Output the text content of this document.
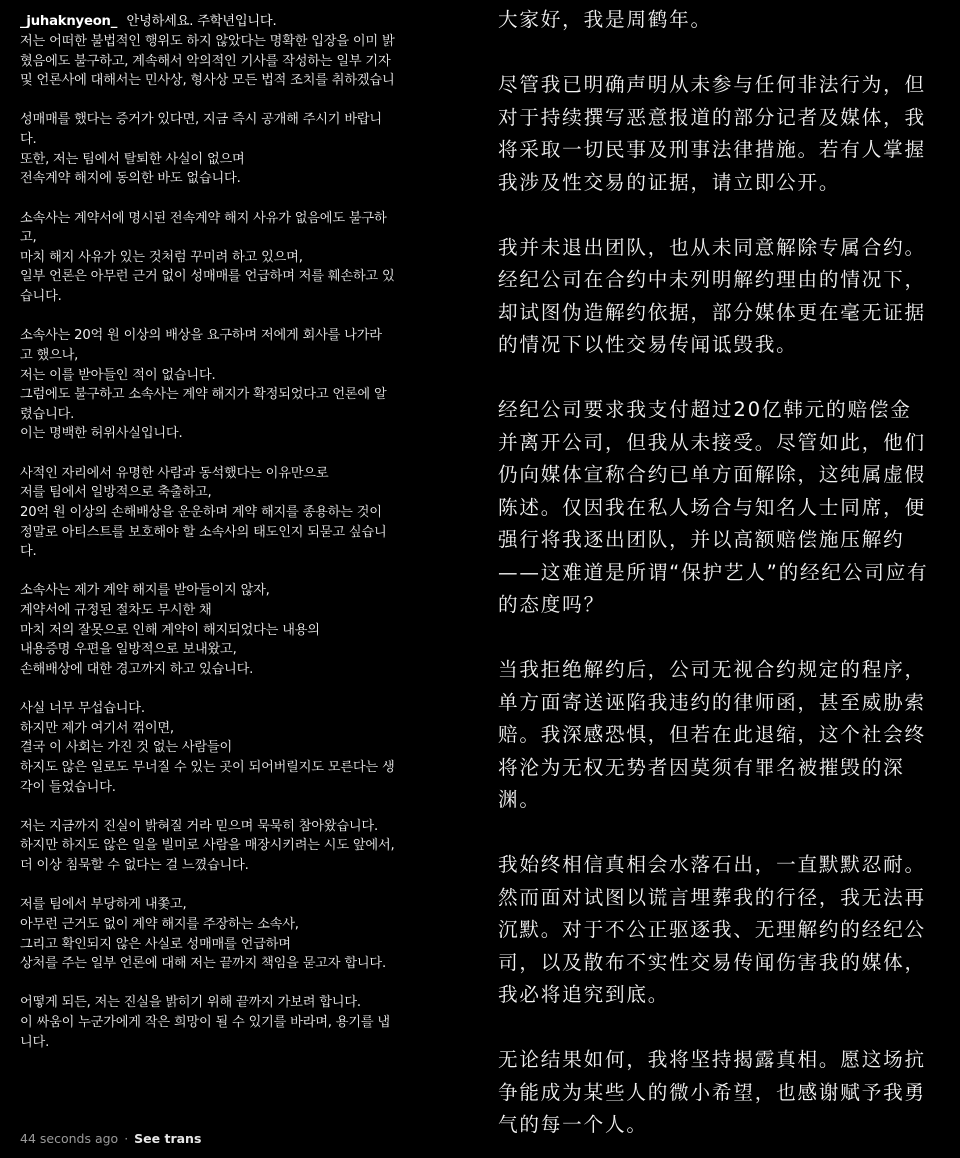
_juhaknyeon_ 안녕하세요. 주학년입니다.
저는 어떠한 불법적인 행위도 하지 않았다는 명확한 입장을 이미 밝
혔음에도 불구하고, 계속해서 악의적인 기사를 작성하는 일부 기자
및 언론사에 대해서는 민사상, 형사상 모든 법적 조치를 취하겠습니
성매매를 했다는 증거가 있다면, 지금 즉시 공개해 주시기 바랍니
다.
또한, 저는 팀에서 탈퇴한 사실이 없으며
전속계약 해지에 동의한 바도 없습니다.
소속사는 계약서에 명시된 전속계약 해지 사유가 없음에도 불구하
고,
마치 해지 사유가 있는 것처럼 꾸미려 하고 있으며,
일부 언론은 아무런 근거 없이 성매매를 언급하며 저를 훼손하고 있
습니다.
소속사는 20억 원 이상의 배상을 요구하며 저에게 회사를 나가라
고 했으나,
저는 이를 받아들인 적이 없습니다.
그럼에도 불구하고 소속사는 계약 해지가 확정되었다고 언론에 알
렸습니다.
이는 명백한 허위사실입니다.
사적인 자리에서 유명한 사람과 동석했다는 이유만으로
저를 팀에서 일방적으로 축출하고,
20억 원 이상의 손해배상을 운운하며 계약 해지를 종용하는 것이
정말로 아티스트를 보호해야 할 소속사의 태도인지 되묻고 싶습니
다.
소속사는 제가 계약 해지를 받아들이지 않자,
계약서에 규정된 절차도 무시한 채
마치 저의 잘못으로 인해 계약이 해지되었다는 내용의
내용증명 우편을 일방적으로 보내왔고,
손해배상에 대한 경고까지 하고 있습니다.
사실 너무 무섭습니다.
하지만 제가 여기서 꺾이면,
결국 이 사회는 가진 것 없는 사람들이
하지도 않은 일로도 무너질 수 있는 곳이 되어버릴지도 모른다는 생
각이 들었습니다.
저는 지금까지 진실이 밝혀질 거라 믿으며 묵묵히 참아왔습니다.
하지만 하지도 않은 일을 빌미로 사람을 매장시키려는 시도 앞에서,
더 이상 침묵할 수 없다는 걸 느꼈습니다.
저를 팀에서 부당하게 내쫓고,
아무런 근거도 없이 계약 해지를 주장하는 소속사,
그리고 확인되지 않은 사실로 성매매를 언급하며
상처를 주는 일부 언론에 대해 저는 끝까지 책임을 묻고자 합니다.
어떻게 되든, 저는 진실을 밝히기 위해 끝까지 가보려 합니다.
이 싸움이 누군가에게 작은 희망이 될 수 있기를 바라며, 용기를 냅
니다.
44 seconds ago · See trans
大家好，我是周鹤年。
尽管我已明确声明从未参与任何非法行为，但
对于持续撰写恶意报道的部分记者及媒体，我
将采取一切民事及刑事法律措施。若有人掌握
我涉及性交易的证据，请立即公开。
我并未退出团队，也从未同意解除专属合约。
经纪公司在合约中未列明解约理由的情况下，
却试图伪造解约依据，部分媒体更在毫无证据
的情况下以性交易传闻诋毁我。
经纪公司要求我支付超过20亿韩元的赔偿金
并离开公司，但我从未接受。尽管如此，他们
仍向媒体宣称合约已单方面解除，这纯属虚假
陈述。仅因我在私人场合与知名人士同席，便
强行将我逐出团队，并以高额赔偿施压解约
——这难道是所谓“保护艺人”的经纪公司应有
的态度吗？
当我拒绝解约后，公司无视合约规定的程序，
单方面寄送诬陷我违约的律师函，甚至威胁索
赔。我深感恐惧，但若在此退缩，这个社会终
将沦为无权无势者因莫须有罪名被摧毁的深
渊。
我始终相信真相会水落石出，一直默默忍耐。
然而面对试图以谎言埋葬我的行径，我无法再
沉默。对于不公正驱逐我、无理解约的经纪公
司，以及散布不实性交易传闻伤害我的媒体，
我必将追究到底。
无论结果如何，我将坚持揭露真相。愿这场抗
争能成为某些人的微小希望，也感谢赋予我勇
气的每一个人。
